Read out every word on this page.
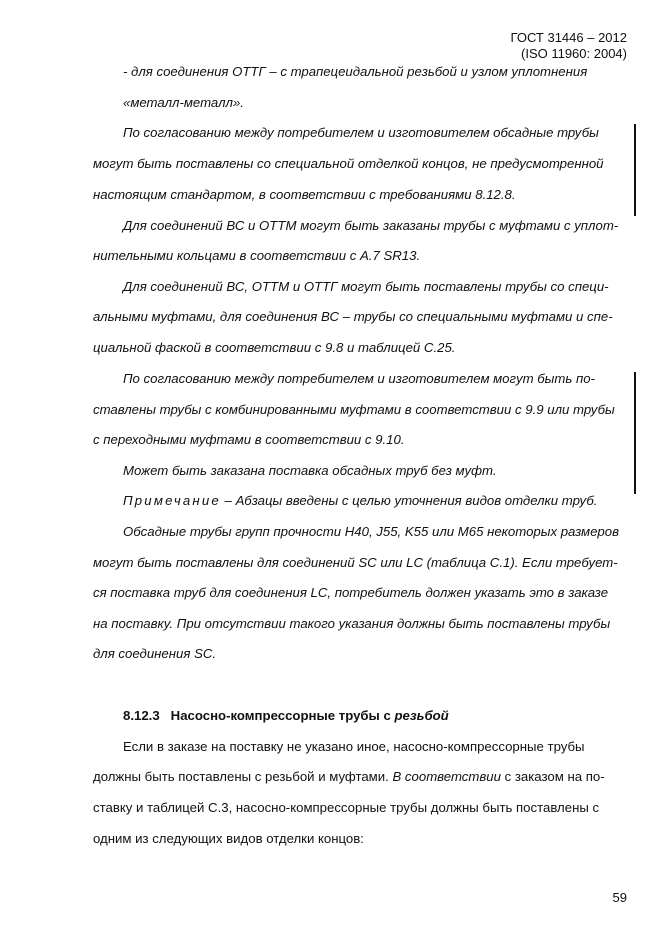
ГОСТ 31446 – 2012
(ISO 11960: 2004)
- для соединения ОТТГ – с трапецеидальной резьбой и узлом уплотнения
«металл-металл».
По согласованию между потребителем и изготовителем обсадные трубы
могут быть поставлены со специальной отделкой концов, не предусмотренной
настоящим стандартом, в соответствии с требованиями 8.12.8.
Для соединений ВС и ОТТМ могут быть заказаны трубы с муфтами с уплот-
нительными кольцами в соответствии с А.7 SR13.
Для соединений ВС, ОТТМ и ОТТГ могут быть поставлены трубы со специ-
альными муфтами, для соединения ВС – трубы со специальными муфтами и спе-
циальной фаской в соответствии с 9.8 и таблицей С.25.
По согласованию между потребителем и изготовителем могут быть по-
ставлены трубы с комбинированными муфтами в соответствии с 9.9 или трубы
с переходными муфтами в соответствии с 9.10.
Может быть заказана поставка обсадных труб без муфт.
Примечание – Абзацы введены с целью уточнения видов отделки труб.
Обсадные трубы групп прочности Н40, J55, K55 или М65 некоторых размеров
могут быть поставлены для соединений SC или LC (таблица С.1). Если требует-
ся поставка труб для соединения LC, потребитель должен указать это в заказе
на поставку. При отсутствии такого указания должны быть поставлены трубы
для соединения SC.
8.12.3 Насосно-компрессорные трубы с резьбой
Если в заказе на поставку не указано иное, насосно-компрессорные трубы
должны быть поставлены с резьбой и муфтами. В соответствии с заказом на по-
ставку и таблицей С.3, насосно-компрессорные трубы должны быть поставлены с
одним из следующих видов отделки концов:
59
